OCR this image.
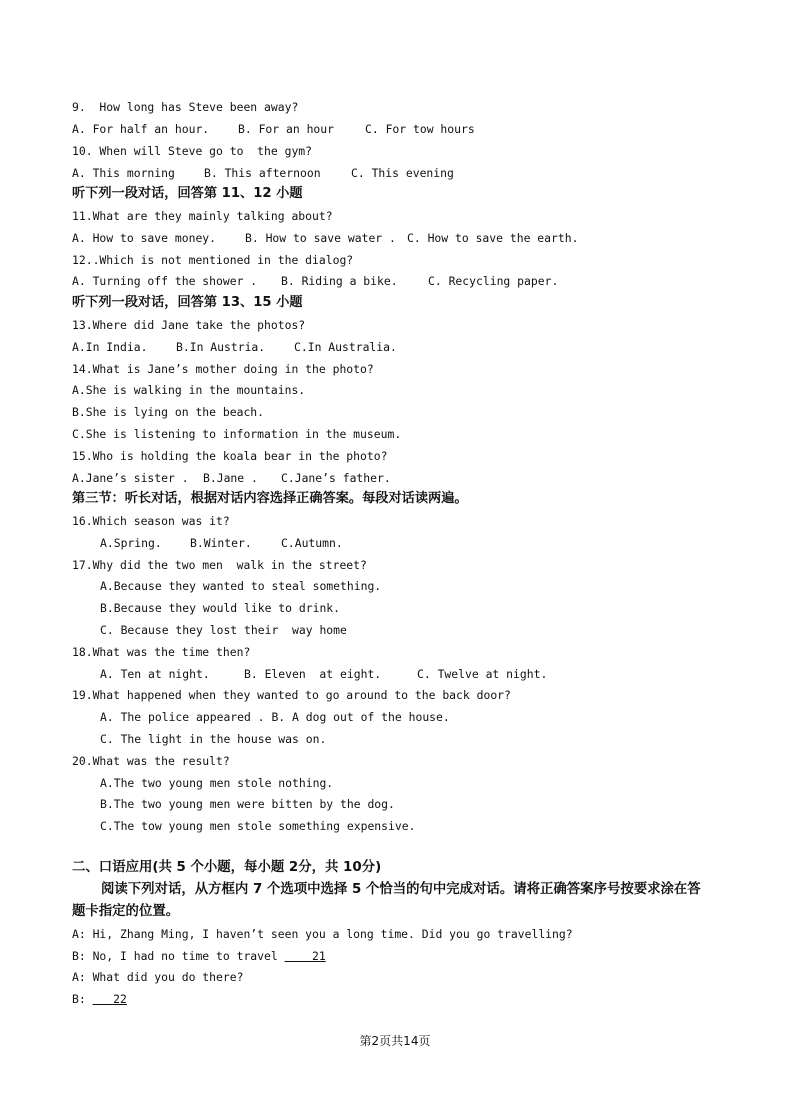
9.  How long has Steve been away?
A. For half an hour.	B. For an hour	C. For tow hours
10. When will Steve go to  the gym?
A. This morning	B. This afternoon	C. This evening
听下列一段对话，回答第 11、12 小题
11.What are they mainly talking about?
A. How to save money.	B. How to save water . C. How to save the earth.
12..Which is not mentioned in the dialog?
A. Turning off the shower . B. Riding a bike.	C. Recycling paper.
听下列一段对话，回答第 13、15 小题
13.Where did Jane take the photos?
A.In India.	B.In Austria.	C.In Australia.
14.What is Jane’s mother doing in the photo?
A.She is walking in the mountains.
B.She is lying on the beach.
C.She is listening to information in the museum.
15.Who is holding the koala bear in the photo?
A.Jane’s sister . B.Jane . C.Jane’s father.
第三节：听长对话，根据对话内容选择正确答案。每段对话读两遍。
16.Which season was it?
A.Spring. B.Winter.	C.Autumn.
17.Why did the two men  walk in the street?
A.Because they wanted to steal something.
B.Because they would like to drink.
C. Because they lost their  way home
18.What was the time then?
A. Ten at night.	B. Eleven  at eight.	C. Twelve at night.
19.What happened when they wanted to go around to the back door?
A. The police appeared . B. A dog out of the house.
C. The light in the house was on.
20.What was the result?
A.The two young men stole nothing.
B.The two young men were bitten by the dog.
C.The tow young men stole something expensive.
二、口语应用(共 5 个小题，每小题 2分，共 10分)
阅读下列对话，从方框内 7 个选项中选择 5 个恰当的句中完成对话。请将正确答案序号按要求涂在答
题卡指定的位置。
A: Hi, Zhang Ming, I haven’t seen you a long time. Did you go travelling?
B: No, I had no time to travel     21
A: What did you do there?
B:    22
第2页共14页
